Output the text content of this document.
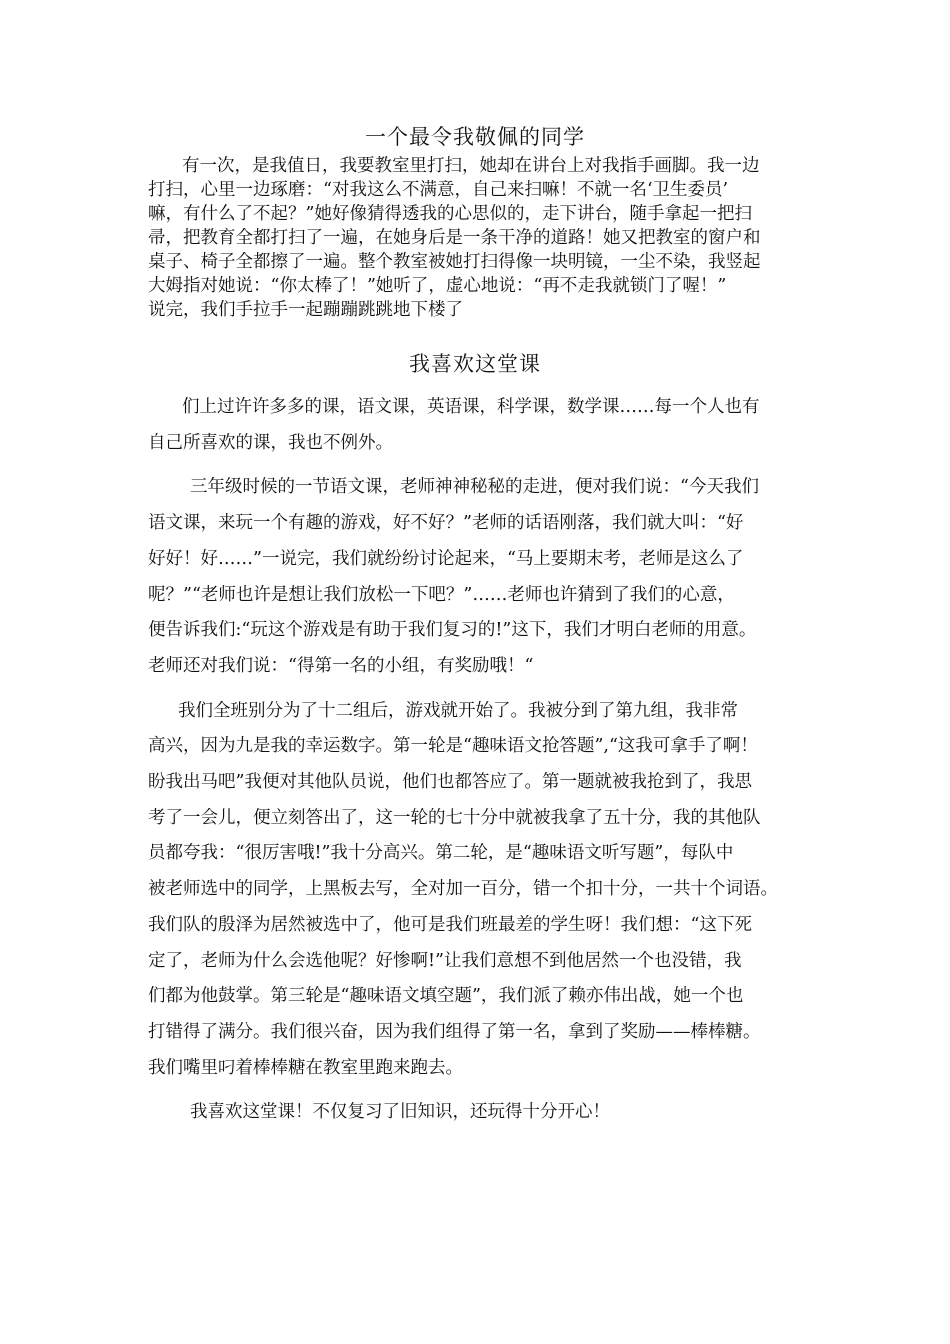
一个最令我敬佩的同学
有一次，是我值日，我要教室里打扫，她却在讲台上对我指手画脚。我一边
打扫，心里一边琢磨：“对我这么不满意，自己来扫嘛！不就一名‘卫生委员’
嘛，有什么了不起？”她好像猜得透我的心思似的，走下讲台，随手拿起一把扫
帚，把教育全都打扫了一遍，在她身后是一条干净的道路！她又把教室的窗户和
桌子、椅子全都擦了一遍。整个教室被她打扫得像一块明镜，一尘不染，我竖起
大姆指对她说：“你太棒了！”她听了，虚心地说：“再不走我就锁门了喔！”
说完，我们手拉手一起蹦蹦跳跳地下楼了
我喜欢这堂课
们上过许许多多的课，语文课，英语课，科学课，数学课……每一个人也有
自己所喜欢的课，我也不例外。
三年级时候的一节语文课，老师神神秘秘的走进，便对我们说：“今天我们
语文课，来玩一个有趣的游戏，好不好？”老师的话语刚落，我们就大叫：“好
好好！好……”一说完，我们就纷纷讨论起来，“马上要期末考，老师是这么了
呢？”“老师也许是想让我们放松一下吧？”……老师也许猜到了我们的心意，
便告诉我们:“玩这个游戏是有助于我们复习的!”这下，我们才明白老师的用意。
老师还对我们说：“得第一名的小组，有奖励哦！“
我们全班别分为了十二组后，游戏就开始了。我被分到了第九组，我非常
高兴，因为九是我的幸运数字。第一轮是“趣味语文抢答题”,“这我可拿手了啊！
盼我出马吧”我便对其他队员说，他们也都答应了。第一题就被我抢到了，我思
考了一会儿，便立刻答出了，这一轮的七十分中就被我拿了五十分，我的其他队
员都夸我：“很厉害哦!”我十分高兴。第二轮，是“趣味语文听写题”，每队中
被老师选中的同学，上黑板去写，全对加一百分，错一个扣十分，一共十个词语。
我们队的殷泽为居然被选中了，他可是我们班最差的学生呀！我们想：“这下死
定了，老师为什么会选他呢？好惨啊!”让我们意想不到他居然一个也没错，我
们都为他鼓掌。第三轮是“趣味语文填空题”，我们派了赖亦伟出战，她一个也
打错得了满分。我们很兴奋，因为我们组得了第一名，拿到了奖励——棒棒糖。
我们嘴里叼着棒棒糖在教室里跑来跑去。
我喜欢这堂课！不仅复习了旧知识，还玩得十分开心！
